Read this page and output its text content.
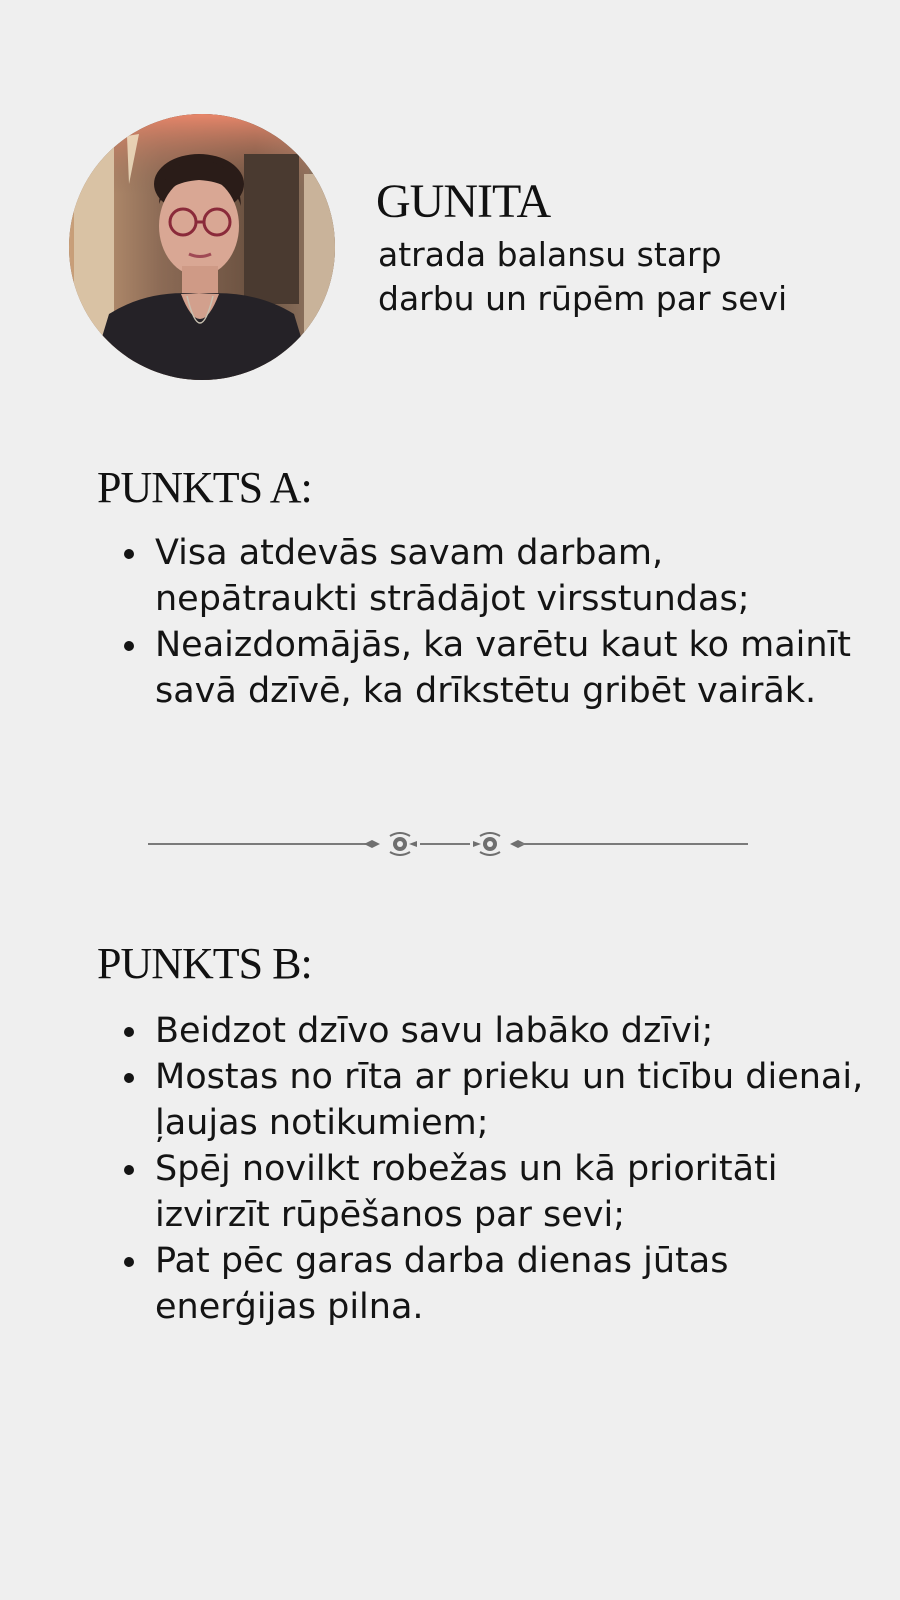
GUNITA
atrada balansu starp
darbu un rūpēm par sevi
PUNKTS A:
Visa atdevās savam darbam, nepātraukti strādājot virsstundas;
Neaizdomājās, ka varētu kaut ko mainīt savā dzīvē, ka drīkstētu gribēt vairāk.
PUNKTS B:
Beidzot dzīvo savu labāko dzīvi;
Mostas no rīta ar prieku un ticību dienai, ļaujas notikumiem;
Spēj novilkt robežas un kā prioritāti izvirzīt rūpēšanos par sevi;
Pat pēc garas darba dienas jūtas enerģijas pilna.
